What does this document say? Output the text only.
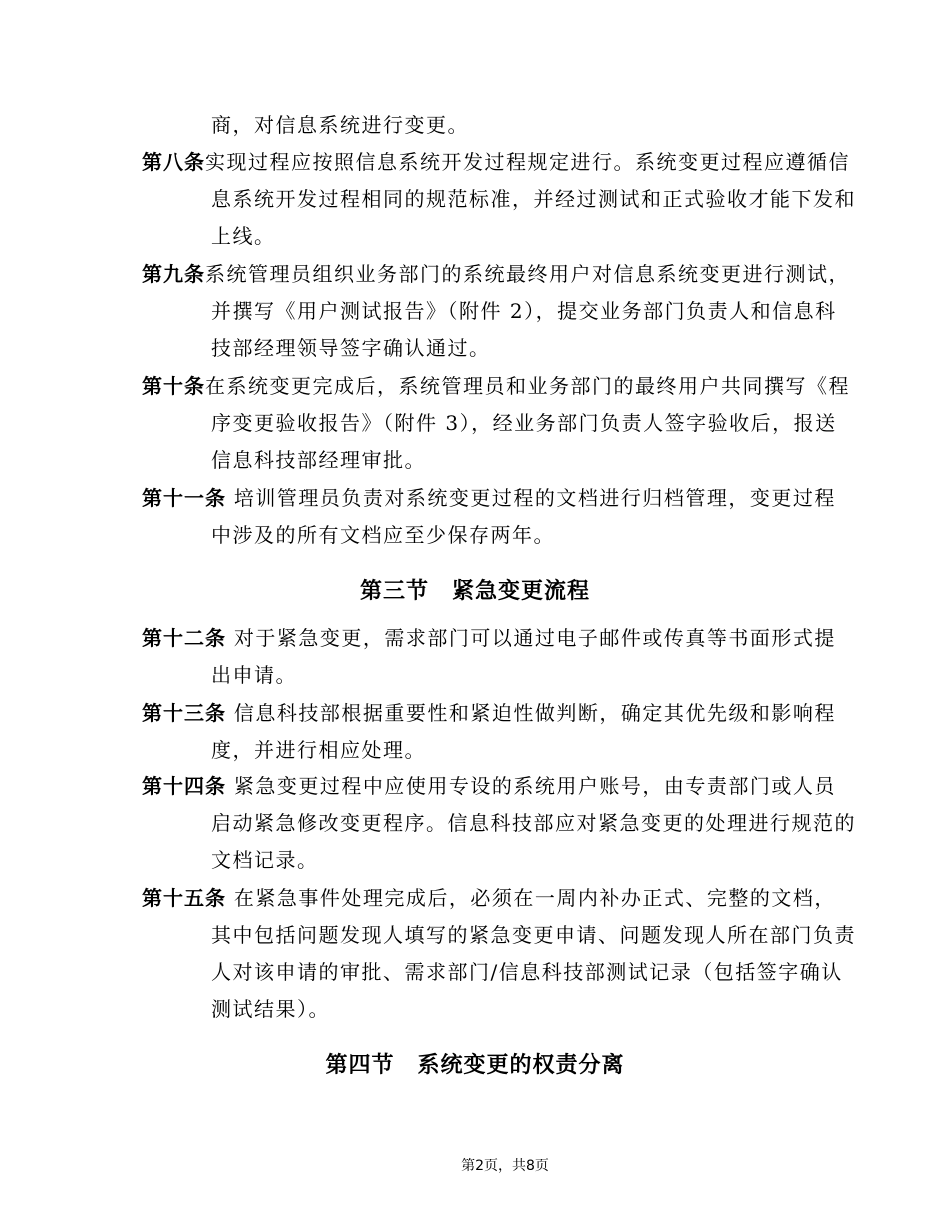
商，对信息系统进行变更。
第八条实现过程应按照信息系统开发过程规定进行。系统变更过程应遵循信
息系统开发过程相同的规范标准，并经过测试和正式验收才能下发和
上线。
第九条系统管理员组织业务部门的系统最终用户对信息系统变更进行测试，
并撰写《用户测试报告》（附件 2），提交业务部门负责人和信息科
技部经理领导签字确认通过。
第十条在系统变更完成后，系统管理员和业务部门的最终用户共同撰写《程
序变更验收报告》（附件 3），经业务部门负责人签字验收后，报送
信息科技部经理审批。
第十一条 培训管理员负责对系统变更过程的文档进行归档管理，变更过程
中涉及的所有文档应至少保存两年。
第三节　紧急变更流程
第十二条 对于紧急变更，需求部门可以通过电子邮件或传真等书面形式提
出申请。
第十三条 信息科技部根据重要性和紧迫性做判断，确定其优先级和影响程
度，并进行相应处理。
第十四条 紧急变更过程中应使用专设的系统用户账号，由专责部门或人员
启动紧急修改变更程序。信息科技部应对紧急变更的处理进行规范的
文档记录。
第十五条 在紧急事件处理完成后，必须在一周内补办正式、完整的文档，
其中包括问题发现人填写的紧急变更申请、问题发现人所在部门负责
人对该申请的审批、需求部门/信息科技部测试记录（包括签字确认
测试结果）。
第四节　系统变更的权责分离
第2页，共8页
